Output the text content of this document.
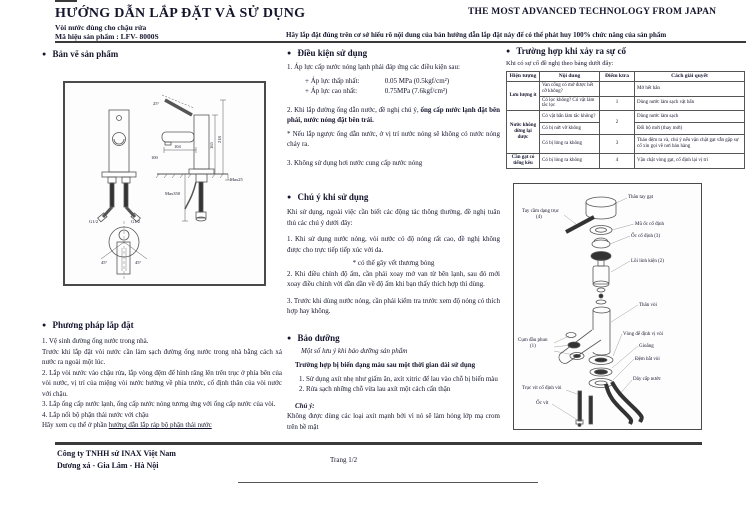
HƯỚNG DẪN LẮP ĐẶT VÀ SỬ DỤNG
Vòi nước dùng cho chậu rửa
Mã hiệu sản phẩm : LFV- 8000S
THE MOST ADVANCED TECHNOLOGY FROM JAPAN
Hãy lắp đặt đúng trên cơ sở hiểu rõ nội dung của bản hướng dẫn lắp đặt này để có thể phát huy 100% chức năng của sản phẩm
● Bản vẽ sản phẩm
25°
218
165
104
100
Max25
Max350
G1/2	G1/2
45°	45°
● Phương pháp lắp đặt

1. Vệ sinh đường ống nước trong nhà.

Trước khi lắp đặt vòi nước cần làm sạch đường ống nước trong nhà bằng cách xả nước ra ngoài một lúc.

2. Lắp vòi nước vào chậu rửa, lắp vòng đệm để hình răng lên trên trục ở phía bên của vòi nước, vị trí của miệng vòi nước hướng về phía trước, cố định thân của vòi nước với chậu.

3. Lắp ống cấp nước lạnh, ống cấp nước nóng tương ứng với ống cấp nước của vòi.

4. Lắp nối bộ phận thải nước với chậu

Hãy xem cụ thể ở phần hướng dẫn lắp ráp bộ phận thải nước

● Điều kiện sử dụng

1. Áp lực cấp nước nóng lạnh phải đáp ứng các điều kiện sau:

+ Áp lực thấp nhất:	0.05 MPa (0.5kgf/cm²)
+ Áp lực cao nhất:	0.75MPa (7.6kgf/cm²)

2. Khi lắp đường ống dẫn nước, đề nghị chú ý, ống cấp nước lạnh đặt bên phải, nước nóng đặt bên trái.

* Nếu lắp ngược ống dẫn nước, ở vị trí nước nóng sẽ không có nước nóng chảy ra.

3. Không sử dụng hơi nước cung cấp nước nóng

● Chú ý khi sử dụng

Khi sử dụng, ngoài việc cần biết các động tác thông thường, đề nghị tuân thủ các chú ý dưới đây:

1. Khi sử dụng nước nóng, vòi nước có độ nóng rất cao, đề nghị không được cho trực tiếp tiếp xúc với da.

* có thể gây vết thương bỏng

2. Khi điều chỉnh độ ấm, cần phải xoay mở van từ bên lạnh, sau đó mới xoay điều chỉnh vời dần dần về độ ấm khi bạn thấy thích hợp thì dùng.

3. Trước khi dùng nước nóng, cần phải kiểm tra trước xem độ nóng có thích hợp hay không.

● Bảo dưỡng

Một số lưu ý khi bảo dưỡng sản phẩm

Trường hợp bị biến dạng màu sau một thời gian dài sử dụng

1. Sử dụng axít nhẹ như giấm ăn, axít xitric để lau vào chỗ bị biến màu

2. Rửa sạch những chỗ vừa lau axít một cách cẩn thận

Chú ý:

Không được dùng các loại axít mạnh bởi vì nó sẽ làm hỏng lớp mạ crom trên bề mặt

● Trường hợp khi xảy ra sự cố
Khi có sự cố đề nghị theo bảng dưới đây:
Hiện tượng	Nội dung	Điểm ktra	Cách giải quyết
Lưu lượng ít	Van cổng có mở được hết cỡ không?		Mở hết hẳn
	Có lọc không? Có vật làm tắc lọc	1	Dùng nước làm sạch vật bẩn
Nước không dừng lại được	Có vật bẩn làm tắc không?	2	Dùng nước làm sạch
	Có bị nứt vỡ không		Đổi bộ mới (thay mới)
	Có bị lỏng ra không	3	Tháo đệm ra và, chú ý nếu vặn chặt gạt vẫn gặp sự cố xin gọi về nơi bán hàng
Cần gạt có tiếng kêu	Có bị lỏng ra không	4	Vặn chặt vòng gạt, cố định lại vị trí
Tay cầm dạng trục
(4)
Thân tay gạt
Mũ ốc cố định
Ốc cố định (3)
Lõi linh kiện (2)
Thân vòi
Vòng đế định vị vòi
Cụm đầu phun
(1)	Gioăng
Đệm bắt vòi
Dây cấp nước
Trục vít cố định vòi
Ốc vít
Công ty TNHH sứ INAX Việt Nam
Dương xá - Gia Lâm - Hà Nội
Trang 1/2
